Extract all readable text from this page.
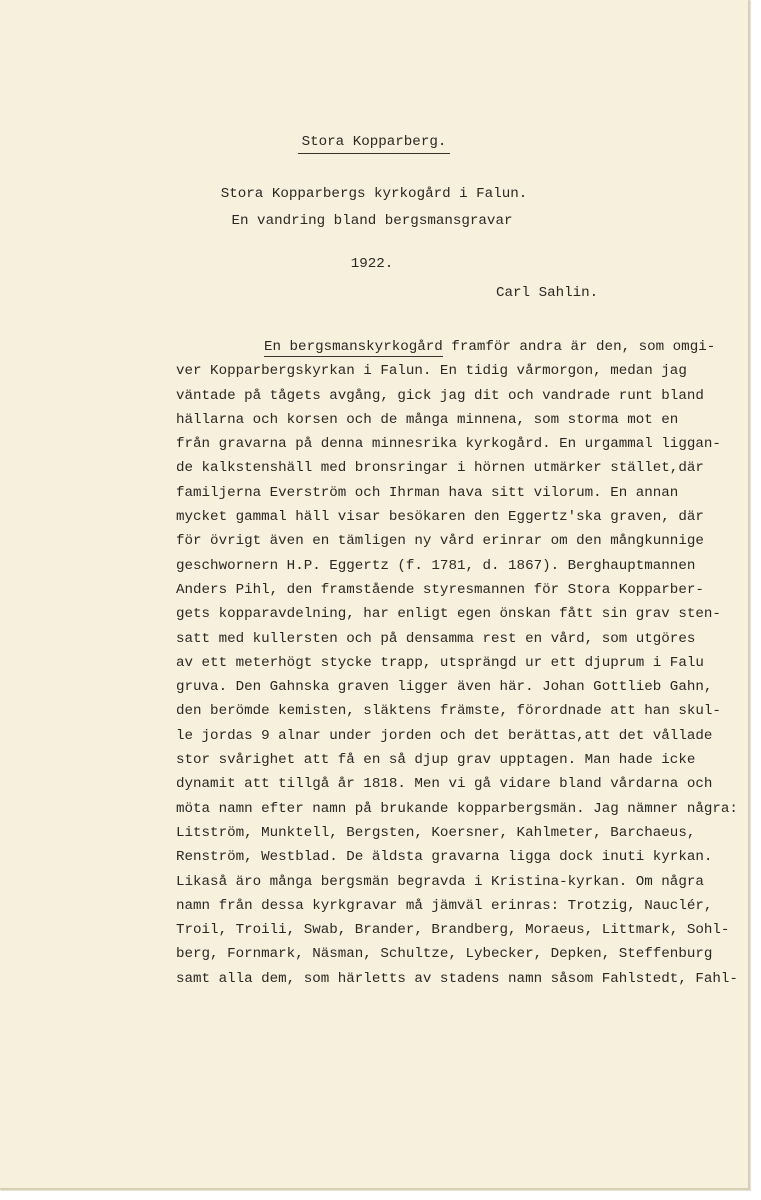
Stora Kopparberg.
Stora Kopparbergs kyrkogård i Falun.
En vandring bland bergsmansgravar
1922.
Carl Sahlin.
En bergsmanskyrkogård framför andra är den, som omgi-
ver Kopparbergskyrkan i Falun. En tidig vårmorgon, medan jag
väntade på tågets avgång, gick jag dit och vandrade runt bland
hällarna och korsen och de många minnena, som storma mot en
från gravarna på denna minnesrika kyrkogård. En urgammal liggan-
de kalkstenshäll med bronsringar i hörnen utmärker stället,där
familjerna Everström och Ihrman hava sitt vilorum. En annan
mycket gammal häll visar besökaren den Eggertz'ska graven, där
för övrigt även en tämligen ny vård erinrar om den mångkunnige
geschwornern H.P. Eggertz (f. 1781, d. 1867). Berghauptmannen
Anders Pihl, den framstående styresmannen för Stora Kopparber-
gets kopparavdelning, har enligt egen önskan fått sin grav sten-
satt med kullersten och på densamma rest en vård, som utgöres
av ett meterhögt stycke trapp, utsprängd ur ett djuprum i Falu
gruva. Den Gahnska graven ligger även här. Johan Gottlieb Gahn,
den berömde kemisten, släktens främste, förordnade att han skul-
le jordas 9 alnar under jorden och det berättas,att det vållade
stor svårighet att få en så djup grav upptagen. Man hade icke
dynamit att tillgå år 1818. Men vi gå vidare bland vårdarna och
möta namn efter namn på brukande kopparbergsmän. Jag nämner några:
Litström, Munktell, Bergsten, Koersner, Kahlmeter, Barchaeus,
Renström, Westblad. De äldsta gravarna ligga dock inuti kyrkan.
Likaså äro många bergsmän begravda i Kristina-kyrkan. Om några
namn från dessa kyrkgravar må jämväl erinras: Trotzig, Nauclér,
Troil, Troili, Swab, Brander, Brandberg, Moraeus, Littmark, Sohl-
berg, Fornmark, Näsman, Schultze, Lybecker, Depken, Steffenburg
samt alla dem, som härletts av stadens namn såsom Fahlstedt, Fahl-
